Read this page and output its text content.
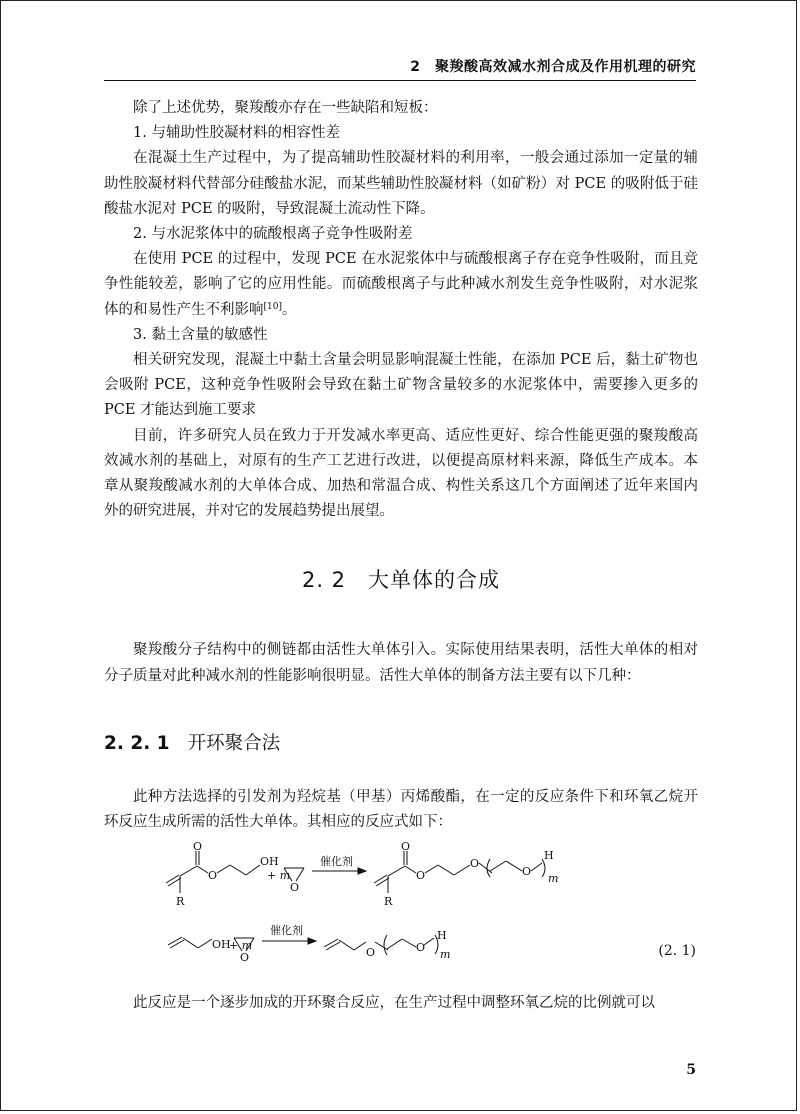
2　聚羧酸高效减水剂合成及作用机理的研究

除了上述优势，聚羧酸亦存在一些缺陷和短板：

1. 与辅助性胶凝材料的相容性差

在混凝土生产过程中，为了提高辅助性胶凝材料的利用率，一般会通过添加一定量的辅助性胶凝材料代替部分硅酸盐水泥，而某些辅助性胶凝材料（如矿粉）对 PCE 的吸附低于硅酸盐水泥对 PCE 的吸附，导致混凝土流动性下降。

2. 与水泥浆体中的硫酸根离子竞争性吸附差

在使用 PCE 的过程中，发现 PCE 在水泥浆体中与硫酸根离子存在竞争性吸附，而且竞争性能较差，影响了它的应用性能。而硫酸根离子与此种减水剂发生竞争性吸附，对水泥浆体的和易性产生不利影响[10]。

3. 黏土含量的敏感性

相关研究发现，混凝土中黏土含量会明显影响混凝土性能，在添加 PCE 后，黏土矿物也会吸附 PCE，这种竞争性吸附会导致在黏土矿物含量较多的水泥浆体中，需要掺入更多的 PCE 才能达到施工要求

目前，许多研究人员在致力于开发减水率更高、适应性更好、综合性能更强的聚羧酸高效减水剂的基础上，对原有的生产工艺进行改进，以便提高原材料来源，降低生产成本。本章从聚羧酸减水剂的大单体合成、加热和常温合成、构性关系这几个方面阐述了近年来国内外的研究进展，并对它的发展趋势提出展望。

2. 2 大单体的合成

聚羧酸分子结构中的侧链都由活性大单体引入。实际使用结果表明，活性大单体的相对分子质量对此种减水剂的性能影响很明显。活性大单体的制备方法主要有以下几种：

2. 2. 1 开环聚合法

此种方法选择的引发剂为羟烷基（甲基）丙烯酸酯，在一定的反应条件下和环氧乙烷开环反应生成所需的活性大单体。其相应的反应式如下：

O
O
OH
R
+ m
O
催化剂
O
O
O
O
H
m
R
OH
+ m
O
催化剂
O	O
H
m	(2. 1)

此反应是一个逐步加成的开环聚合反应，在生产过程中调整环氧乙烷的比例就可以

5
